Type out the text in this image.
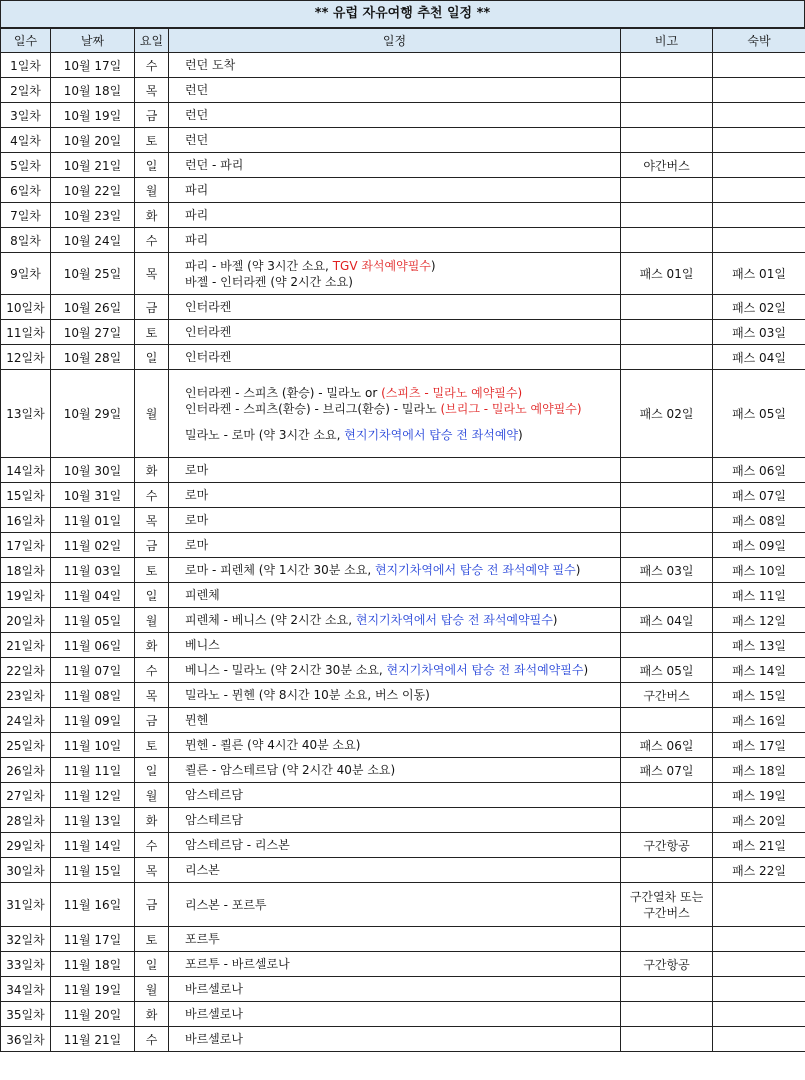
** 유럽 자유여행 추천 일정 **
일수	날짜	요일	일정	비고	숙박
1일차	10월 17일	수	런던 도착		

2일차	10월 18일	목	런던		

3일차	10월 19일	금	런던		

4일차	10월 20일	토	런던		

5일차	10월 21일	일	런던 - 파리	야간버스	
6일차	10월 22일	월	파리		

7일차	10월 23일	화	파리		

8일차	10월 24일	수	파리		

9일차	10월 25일	목	파리 - 바젤 (약 3시간 소요, TGV 좌석예약필수)
바젤 - 인터라켄 (약 2시간 소요)	패스 01일	패스 01일
10일차	10월 26일	금	인터라켄		패스 02일
11일차	10월 27일	토	인터라켄		패스 03일
12일차	10월 28일	일	인터라켄		패스 04일
13일차	10월 29일	월	인터라켄 - 스피츠 (환승) - 밀라노 or (스피츠 - 밀라노 예약필수)
인터라켄 - 스피츠(환승) - 브리그(환승) - 밀라노 (브리그 - 밀라노 예약필수)
밀라노 - 로마 (약 3시간 소요, 현지기차역에서 탑승 전 좌석예약)	패스 02일	패스 05일
14일차	10월 30일	화	로마		패스 06일
15일차	10월 31일	수	로마		패스 07일
16일차	11월 01일	목	로마		패스 08일
17일차	11월 02일	금	로마		패스 09일
18일차	11월 03일	토	로마 - 피렌체 (약 1시간 30분 소요, 현지기차역에서 탑승 전 좌석예약 필수)	패스 03일	패스 10일
19일차	11월 04일	일	피렌체		패스 11일
20일차	11월 05일	월	피렌체 - 베니스 (약 2시간 소요, 현지기차역에서 탑승 전 좌석예약필수)	패스 04일	패스 12일
21일차	11월 06일	화	베니스		패스 13일
22일차	11월 07일	수	베니스 - 밀라노 (약 2시간 30분 소요, 현지기차역에서 탑승 전 좌석예약필수)	패스 05일	패스 14일
23일차	11월 08일	목	밀라노 - 뮌헨 (약 8시간 10분 소요, 버스 이동)	구간버스	패스 15일
24일차	11월 09일	금	뮌헨		패스 16일
25일차	11월 10일	토	뮌헨 - 쾰른 (약 4시간 40분 소요)	패스 06일	패스 17일
26일차	11월 11일	일	쾰른 - 암스테르담 (약 2시간 40분 소요)	패스 07일	패스 18일
27일차	11월 12일	월	암스테르담		패스 19일
28일차	11월 13일	화	암스테르담		패스 20일
29일차	11월 14일	수	암스테르담 - 리스본	구간항공	패스 21일
30일차	11월 15일	목	리스본		패스 22일
31일차	11월 16일	금	리스본 - 포르투	구간열차 또는 구간버스	
32일차	11월 17일	토	포르투		

33일차	11월 18일	일	포르투 - 바르셀로나	구간항공	
34일차	11월 19일	월	바르셀로나		

35일차	11월 20일	화	바르셀로나		

36일차	11월 21일	수	바르셀로나		
